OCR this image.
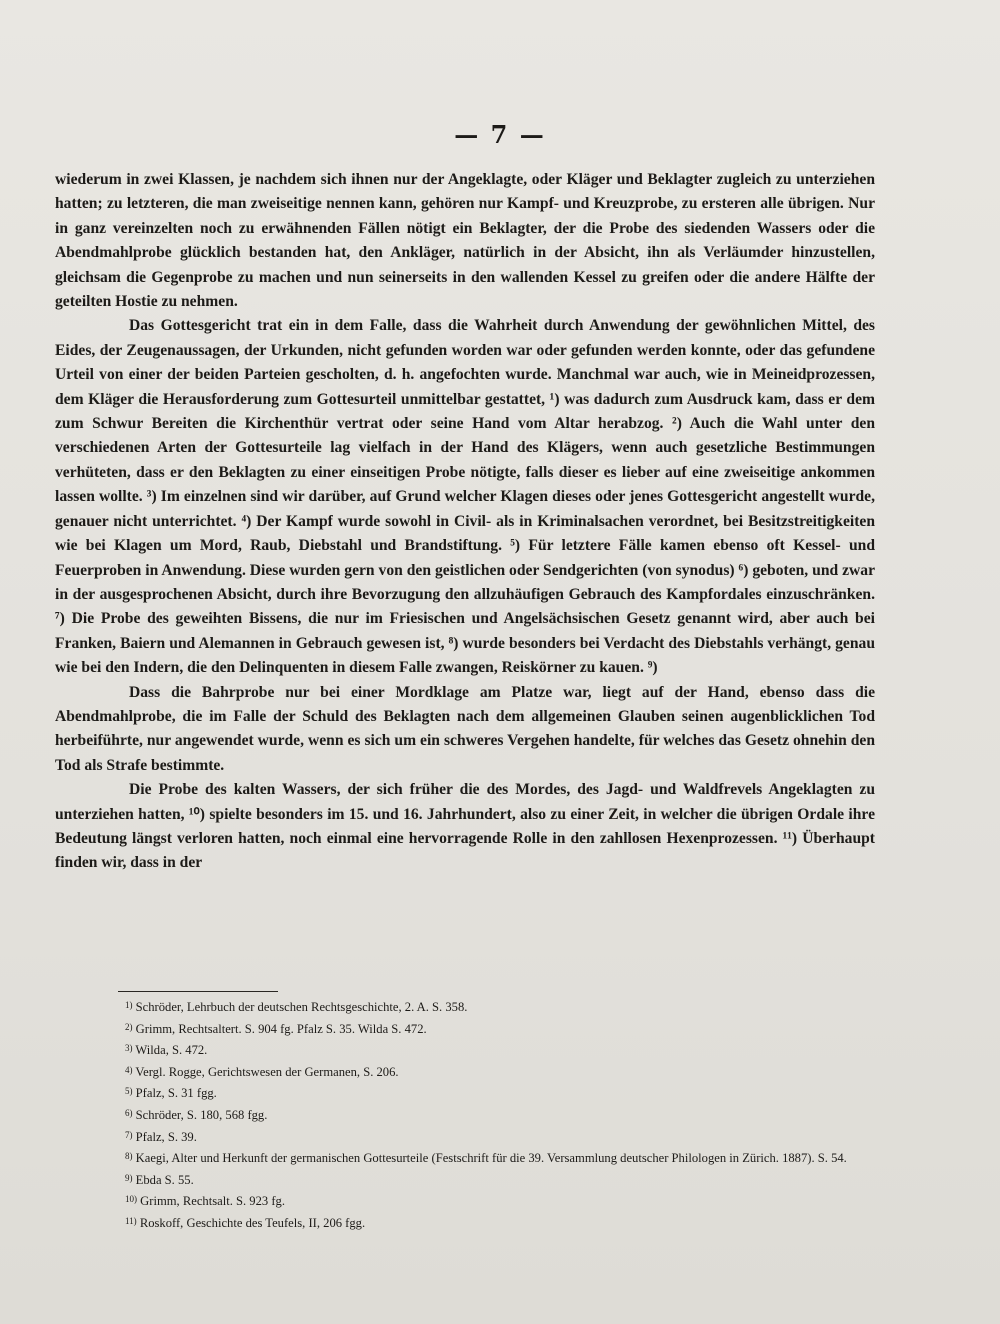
— 7 —

wiederum in zwei Klassen, je nachdem sich ihnen nur der Angeklagte, oder Kläger und Beklagter zugleich zu unterziehen hatten; zu letzteren, die man zweiseitige nennen kann, gehören nur Kampf- und Kreuzprobe, zu ersteren alle übrigen. Nur in ganz vereinzelten noch zu erwähnenden Fällen nötigt ein Beklagter, der die Probe des siedenden Wassers oder die Abendmahlprobe glücklich bestanden hat, den Ankläger, natürlich in der Absicht, ihn als Verläumder hinzustellen, gleichsam die Gegenprobe zu machen und nun seinerseits in den wallenden Kessel zu greifen oder die andere Hälfte der geteilten Hostie zu nehmen.

Das Gottesgericht trat ein in dem Falle, dass die Wahrheit durch Anwendung der gewöhnlichen Mittel, des Eides, der Zeugenaussagen, der Urkunden, nicht gefunden worden war oder gefunden werden konnte, oder das gefundene Urteil von einer der beiden Parteien gescholten, d. h. angefochten wurde. Manchmal war auch, wie in Meineidprozessen, dem Kläger die Herausforderung zum Gottesurteil unmittelbar gestattet, ¹) was dadurch zum Ausdruck kam, dass er dem zum Schwur Bereiten die Kirchenthür vertrat oder seine Hand vom Altar herabzog. ²) Auch die Wahl unter den verschiedenen Arten der Gottesurteile lag vielfach in der Hand des Klägers, wenn auch gesetzliche Bestimmungen verhüteten, dass er den Beklagten zu einer einseitigen Probe nötigte, falls dieser es lieber auf eine zweiseitige ankommen lassen wollte. ³) Im einzelnen sind wir darüber, auf Grund welcher Klagen dieses oder jenes Gottesgericht angestellt wurde, genauer nicht unterrichtet. ⁴) Der Kampf wurde sowohl in Civil- als in Kriminalsachen verordnet, bei Besitzstreitigkeiten wie bei Klagen um Mord, Raub, Diebstahl und Brandstiftung. ⁵) Für letztere Fälle kamen ebenso oft Kessel- und Feuerproben in Anwendung. Diese wurden gern von den geistlichen oder Sendgerichten (von synodus) ⁶) geboten, und zwar in der ausgesprochenen Absicht, durch ihre Bevorzugung den allzuhäufigen Gebrauch des Kampfordales einzuschränken. ⁷) Die Probe des geweihten Bissens, die nur im Friesischen und Angelsächsischen Gesetz genannt wird, aber auch bei Franken, Baiern und Alemannen in Gebrauch gewesen ist, ⁸) wurde besonders bei Verdacht des Diebstahls verhängt, genau wie bei den Indern, die den Delinquenten in diesem Falle zwangen, Reiskörner zu kauen. ⁹)

Dass die Bahrprobe nur bei einer Mordklage am Platze war, liegt auf der Hand, ebenso dass die Abendmahlprobe, die im Falle der Schuld des Beklagten nach dem allgemeinen Glauben seinen augenblicklichen Tod herbeiführte, nur angewendet wurde, wenn es sich um ein schweres Vergehen handelte, für welches das Gesetz ohnehin den Tod als Strafe bestimmte.

Die Probe des kalten Wassers, der sich früher die des Mordes, des Jagd- und Waldfrevels Angeklagten zu unterziehen hatten, ¹⁰) spielte besonders im 15. und 16. Jahrhundert, also zu einer Zeit, in welcher die übrigen Ordale ihre Bedeutung längst verloren hatten, noch einmal eine hervorragende Rolle in den zahllosen Hexenprozessen. ¹¹) Überhaupt finden wir, dass in der

$^{1)}$ Schröder, Lehrbuch der deutschen Rechtsgeschichte, 2. A. S. 358.
$^{2)}$ Grimm, Rechtsaltert. S. 904 fg. Pfalz S. 35. Wilda S. 472.
$^{3)}$ Wilda, S. 472.
$^{4)}$ Vergl. Rogge, Gerichtswesen der Germanen, S. 206.
$^{5)}$ Pfalz, S. 31 fgg.
$^{6)}$ Schröder, S. 180, 568 fgg.
$^{7)}$ Pfalz, S. 39.
$^{8)}$ Kaegi, Alter und Herkunft der germanischen Gottesurteile (Festschrift für die 39. Versammlung deutscher Philologen in Zürich. 1887). S. 54.
$^{9)}$ Ebda S. 55.
$^{10)}$ Grimm, Rechtsalt. S. 923 fg.
$^{11)}$ Roskoff, Geschichte des Teufels, II, 206 fgg.
